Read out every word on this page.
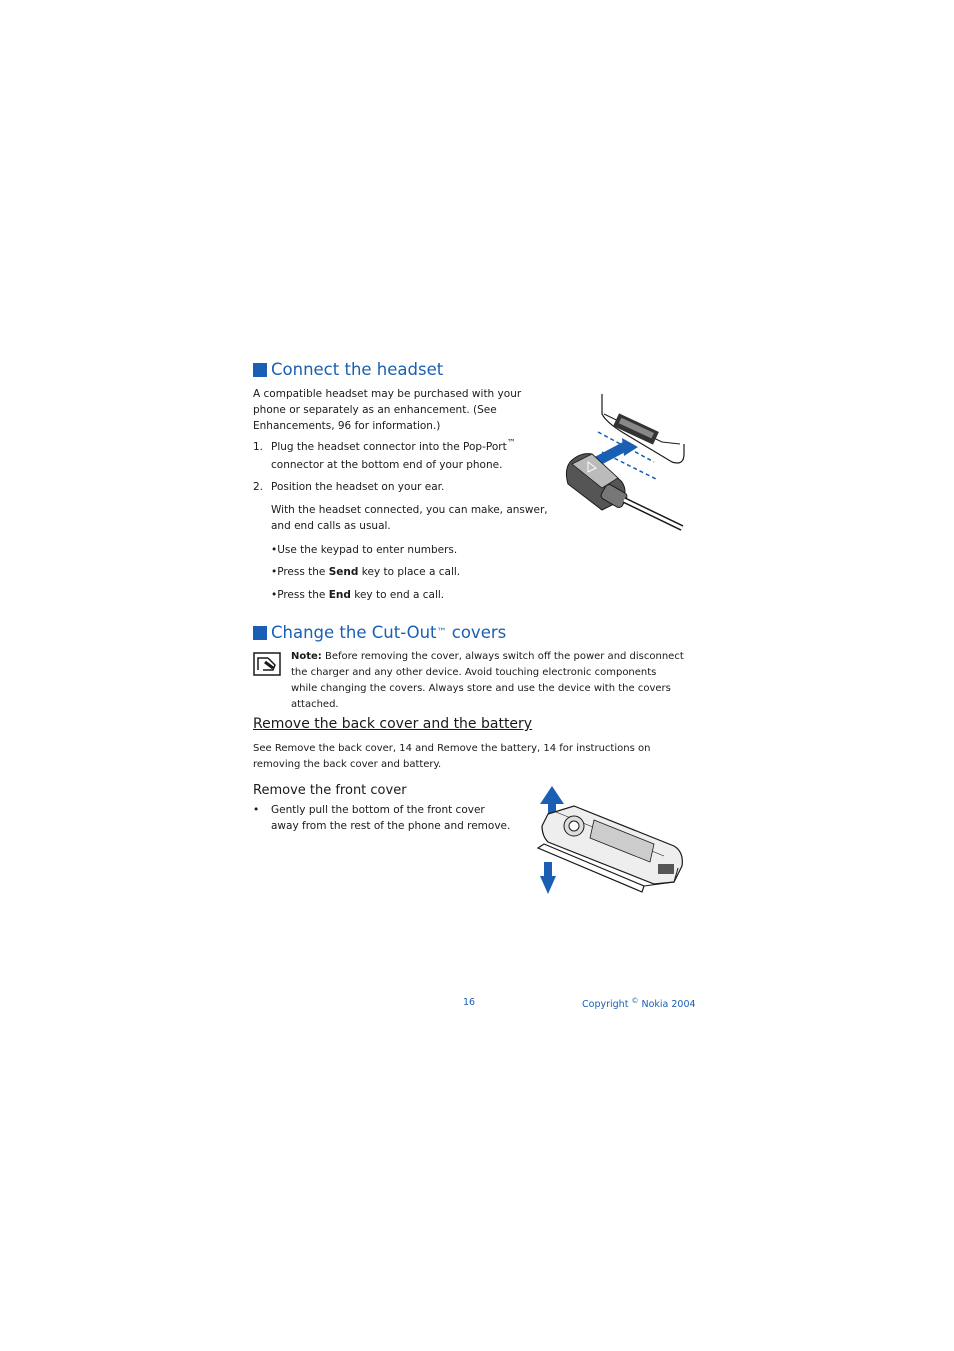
Connect the headset

A compatible headset may be purchased with your phone or separately as an enhancement. (See Enhancements, 96 for information.)

1. Plug the headset connector into the Pop-Port™
connector at the bottom end of your phone.
2. Position the headset on your ear.

With the headset connected, you can make, answer, and end calls as usual.

•Use the keypad to enter numbers.

•Press the Send key to place a call.

•Press the End key to end a call.

Change the Cut-Out ™ covers

Note: Before removing the cover, always switch off the power and disconnect the charger and any other device. Avoid touching electronic components while changing the covers. Always store and use the device with the covers attached.

Remove the back cover and the battery

See Remove the back cover, 14 and Remove the battery, 14 for instructions on removing the back cover and battery.

Remove the front cover
•	Gently pull the bottom of the front cover away from the rest of the phone and remove.
16	Copyright © Nokia 2004
